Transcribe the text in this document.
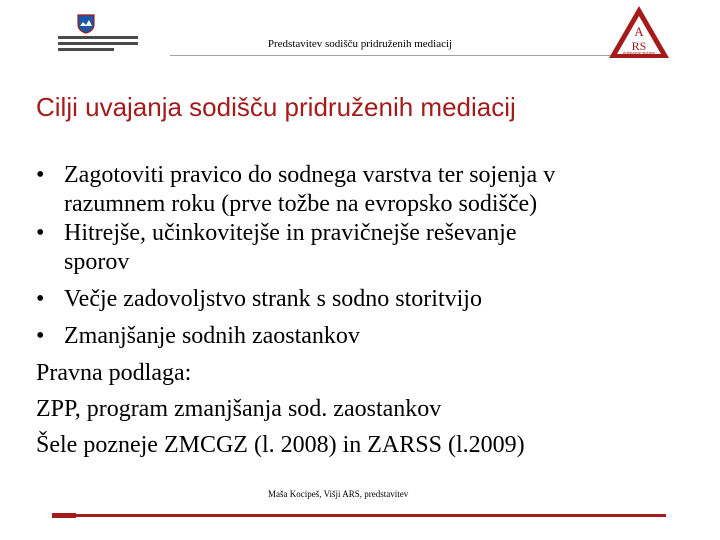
Predstavitev sodišču pridruženih mediacij
A
RS
Arbitrazne storitve
Cilji uvajanja sodišču pridruženih mediacij
• Zagotoviti pravico do sodnega varstva ter sojenja v
razumnem roku (prve tožbe na evropsko sodišče)
• Hitrejše, učinkovitejše in pravičnejše reševanje
sporov
• Večje zadovoljstvo strank s sodno storitvijo
• Zmanjšanje sodnih zaostankov

Pravna podlaga:

ZPP, program zmanjšanja sod. zaostankov

Šele pozneje ZMCGZ (l. 2008) in ZARSS (l.2009)

Maša Kocipeš, Višji ARS, predstavitev
